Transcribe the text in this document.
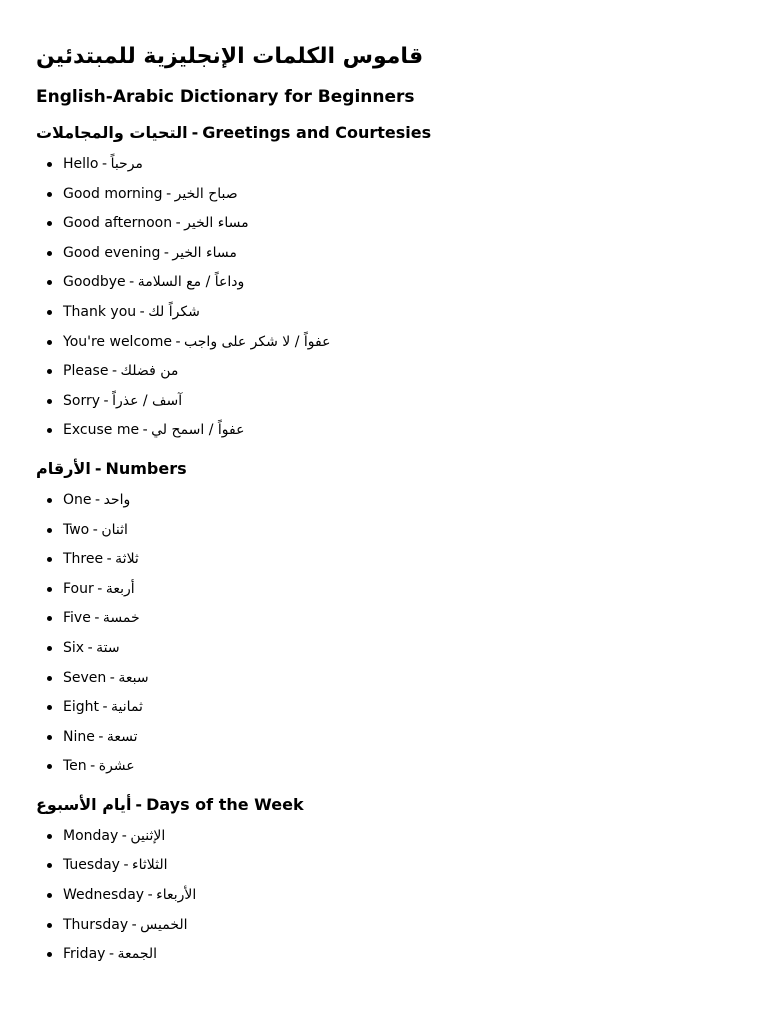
قاموس الكلمات الإنجليزية للمبتدئين
English-Arabic Dictionary for Beginners
التحيات والمجاملات - Greetings and Courtesies
Hello - مرحباً
Good morning - صباح الخير
Good afternoon - مساء الخير
Good evening - مساء الخير
Goodbye - وداعاً / مع السلامة
Thank you - شكراً لك
You're welcome - عفواً / لا شكر على واجب
Please - من فضلك
Sorry - آسف / عذراً
Excuse me - عفواً / اسمح لي
الأرقام - Numbers
One - واحد
Two - اثنان
Three - ثلاثة
Four - أربعة
Five - خمسة
Six - ستة
Seven - سبعة
Eight - ثمانية
Nine - تسعة
Ten - عشرة
أيام الأسبوع - Days of the Week
Monday - الإثنين
Tuesday - الثلاثاء
Wednesday - الأربعاء
Thursday - الخميس
Friday - الجمعة
